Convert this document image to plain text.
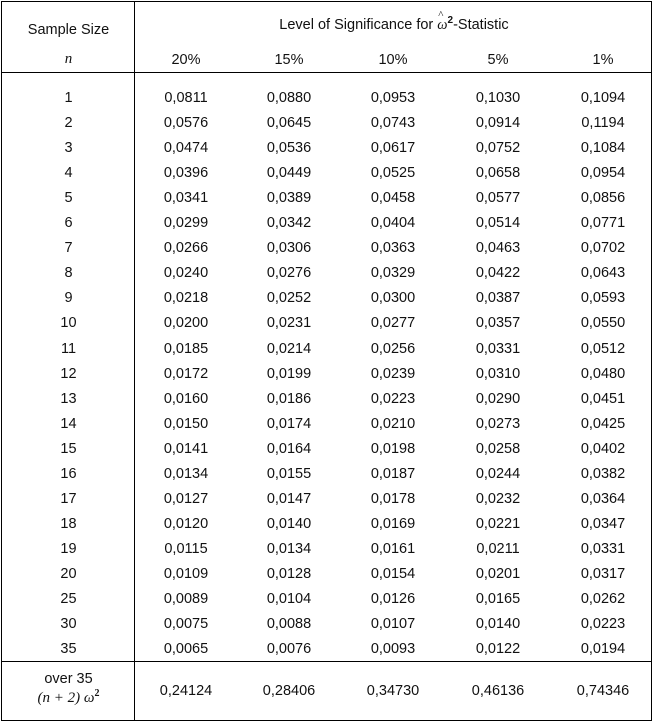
Sample Size
n
Level of Significance for ^ $\omega^2$-Statistic
20%	15%	10%	5%	1%
1	0,0811	0,0880	0,0953	0,1030	0,1094
2	0,0576	0,0645	0,0743	0,0914	0,1194
3	0,0474	0,0536	0,0617	0,0752	0,1084
4	0,0396	0,0449	0,0525	0,0658	0,0954
5	0,0341	0,0389	0,0458	0,0577	0,0856
6	0,0299	0,0342	0,0404	0,0514	0,0771
7	0,0266	0,0306	0,0363	0,0463	0,0702
8	0,0240	0,0276	0,0329	0,0422	0,0643
9	0,0218	0,0252	0,0300	0,0387	0,0593
10	0,0200	0,0231	0,0277	0,0357	0,0550
11	0,0185	0,0214	0,0256	0,0331	0,0512
12	0,0172	0,0199	0,0239	0,0310	0,0480
13	0,0160	0,0186	0,0223	0,0290	0,0451
14	0,0150	0,0174	0,0210	0,0273	0,0425
15	0,0141	0,0164	0,0198	0,0258	0,0402
16	0,0134	0,0155	0,0187	0,0244	0,0382
17	0,0127	0,0147	0,0178	0,0232	0,0364
18	0,0120	0,0140	0,0169	0,0221	0,0347
19	0,0115	0,0134	0,0161	0,0211	0,0331
20	0,0109	0,0128	0,0154	0,0201	0,0317
25	0,0089	0,0104	0,0126	0,0165	0,0262
30	0,0075	0,0088	0,0107	0,0140	0,0223
35	0,0065	0,0076	0,0093	0,0122	0,0194
over 35
(n + 2) $\omega^2$	0,24124	0,28406	0,34730	0,46136	0,74346
